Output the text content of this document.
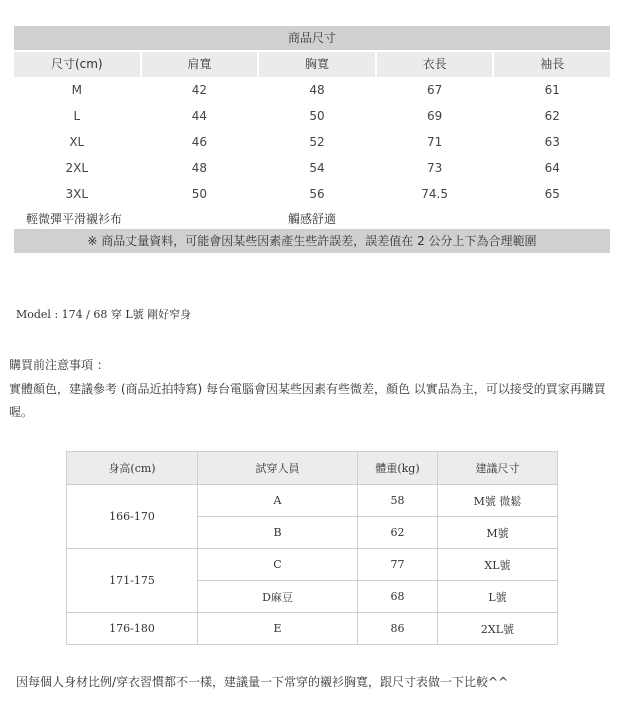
商品尺寸
尺寸(cm)	肩寬	胸寬	衣長	袖長
M	42	48	67	61
L	44	50	69	62
XL	46	52	71	63
2XL	48	54	73	64
3XL	50	56	74.5	65
輕微彈平滑襯衫布	觸感舒適
※ 商品丈量資料，可能會因某些因素產生些許誤差，誤差值在 2 公分上下為合理範圍
Model : 174 / 68 穿 L號 剛好窄身
購買前注意事項 ：
實體顏色，建議參考 (商品近拍特寫) 每台電腦會因某些因素有些微差，顏色 以實品為主，可以接受的買家再購買喔。
身高(cm)	試穿人員	體重(kg)	建議尺寸
166-170	A	58	M號 微鬆
	B	62	M號
171-175	C	77	XL號
	D麻豆	68	L號
176-180	E	86	2XL號
因每個人身材比例/穿衣習慣都不一樣，建議量一下常穿的襯衫胸寬，跟尺寸表做一下比較^^
